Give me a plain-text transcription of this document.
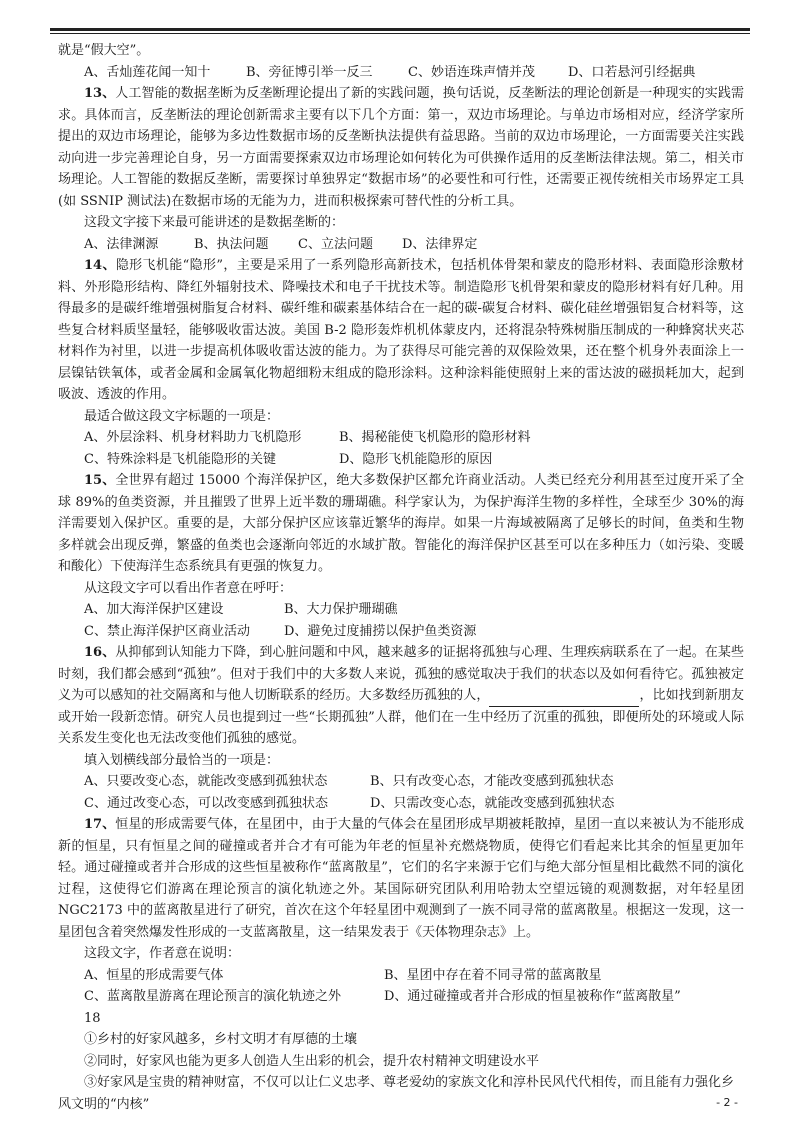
就是“假大空”。

A、舌灿莲花闻一知十	B、旁征博引举一反三	C、妙语连珠声情并茂	D、口若悬河引经据典

13、人工智能的数据垄断为反垄断理论提出了新的实践问题，换句话说，反垄断法的理论创新是一种现实的实践需求。具体而言，反垄断法的理论创新需求主要有以下几个方面：第一，双边市场理论。与单边市场相对应，经济学家所提出的双边市场理论，能够为多边性数据市场的反垄断执法提供有益思路。当前的双边市场理论，一方面需要关注实践动向进一步完善理论自身，另一方面需要探索双边市场理论如何转化为可供操作适用的反垄断法律法规。第二，相关市场理论。人工智能的数据反垄断，需要探讨单独界定“数据市场”的必要性和可行性，还需要正视传统相关市场界定工具(如 SSNIP 测试法)在数据市场的无能为力，进而积极探索可替代性的分析工具。

这段文字接下来最可能讲述的是数据垄断的：

A、法律渊源	B、执法问题	C、立法问题	D、法律界定

14、隐形飞机能“隐形”，主要是采用了一系列隐形高新技术，包括机体骨架和蒙皮的隐形材料、表面隐形涂敷材料、外形隐形结构、降红外辐射技术、降噪技术和电子干扰技术等。制造隐形飞机骨架和蒙皮的隐形材料有好几种。用得最多的是碳纤维增强树脂复合材料、碳纤维和碳素基体结合在一起的碳-碳复合材料、碳化硅丝增强铝复合材料等，这些复合材料质坚量轻，能够吸收雷达波。美国 B-2 隐形轰炸机机体蒙皮内，还将混杂特殊树脂压制成的一种蜂窝状夹芯材料作为衬里，以进一步提高机体吸收雷达波的能力。为了获得尽可能完善的双保险效果，还在整个机身外表面涂上一层镍钴铁氧体，或者金属和金属氧化物超细粉末组成的隐形涂料。这种涂料能使照射上来的雷达波的磁损耗加大，起到吸波、透波的作用。

最适合做这段文字标题的一项是：

A、外层涂料、机身材料助力飞机隐形	B、揭秘能使飞机隐形的隐形材料
C、特殊涂料是飞机能隐形的关键	D、隐形飞机能隐形的原因

15、全世界有超过 15000 个海洋保护区，绝大多数保护区都允许商业活动。人类已经充分利用甚至过度开采了全球 89%的鱼类资源，并且摧毁了世界上近半数的珊瑚礁。科学家认为，为保护海洋生物的多样性，全球至少 30%的海洋需要划入保护区。重要的是，大部分保护区应该靠近繁华的海岸。如果一片海域被隔离了足够长的时间，鱼类和生物多样就会出现反弹，繁盛的鱼类也会逐渐向邻近的水域扩散。智能化的海洋保护区甚至可以在多种压力（如污染、变暖和酸化）下使海洋生态系统具有更强的恢复力。

从这段文字可以看出作者意在呼吁：

A、加大海洋保护区建设	B、大力保护珊瑚礁
C、禁止海洋保护区商业活动	D、避免过度捕捞以保护鱼类资源

16、从抑郁到认知能力下降，到心脏问题和中风，越来越多的证据将孤独与心理、生理疾病联系在了一起。在某些时刻，我们都会感到“孤独”。但对于我们中的大多数人来说，孤独的感觉取决于我们的状态以及如何看待它。孤独被定义为可以感知的社交隔离和与他人切断联系的经历。大多数经历孤独的人，	，比如找到新朋友或开始一段新恋情。研究人员也提到过一些“长期孤独”人群，他们在一生中经历了沉重的孤独，即便所处的环境或人际关系发生变化也无法改变他们孤独的感觉。

填入划横线部分最恰当的一项是：

A、只要改变心态，就能改变感到孤独状态	B、只有改变心态，才能改变感到孤独状态
C、通过改变心态，可以改变感到孤独状态	D、只需改变心态，就能改变感到孤独状态

17、恒星的形成需要气体，在星团中，由于大量的气体会在星团形成早期被耗散掉，星团一直以来被认为不能形成新的恒星，只有恒星之间的碰撞或者并合才有可能为年老的恒星补充燃烧物质，使得它们看起来比其余的恒星更加年轻。通过碰撞或者并合形成的这些恒星被称作“蓝离散星”，它们的名字来源于它们与绝大部分恒星相比截然不同的演化过程，这使得它们游离在理论预言的演化轨迹之外。某国际研究团队利用哈勃太空望远镜的观测数据，对年轻星团 NGC2173 中的蓝离散星进行了研究，首次在这个年轻星团中观测到了一族不同寻常的蓝离散星。根据这一发现，这一星团包含着突然爆发性形成的一支蓝离散星，这一结果发表于《天体物理杂志》上。

这段文字，作者意在说明：

A、恒星的形成需要气体	B、星团中存在着不同寻常的蓝离散星
C、蓝离散星游离在理论预言的演化轨迹之外	D、通过碰撞或者并合形成的恒星被称作“蓝离散星”

18

①乡村的好家风越多，乡村文明才有厚德的土壤

②同时，好家风也能为更多人创造人生出彩的机会，提升农村精神文明建设水平

③好家风是宝贵的精神财富，不仅可以让仁义忠孝、尊老爱幼的家族文化和淳朴民风代代相传，而且能有力强化乡风文明的“内核”	- 2 -
